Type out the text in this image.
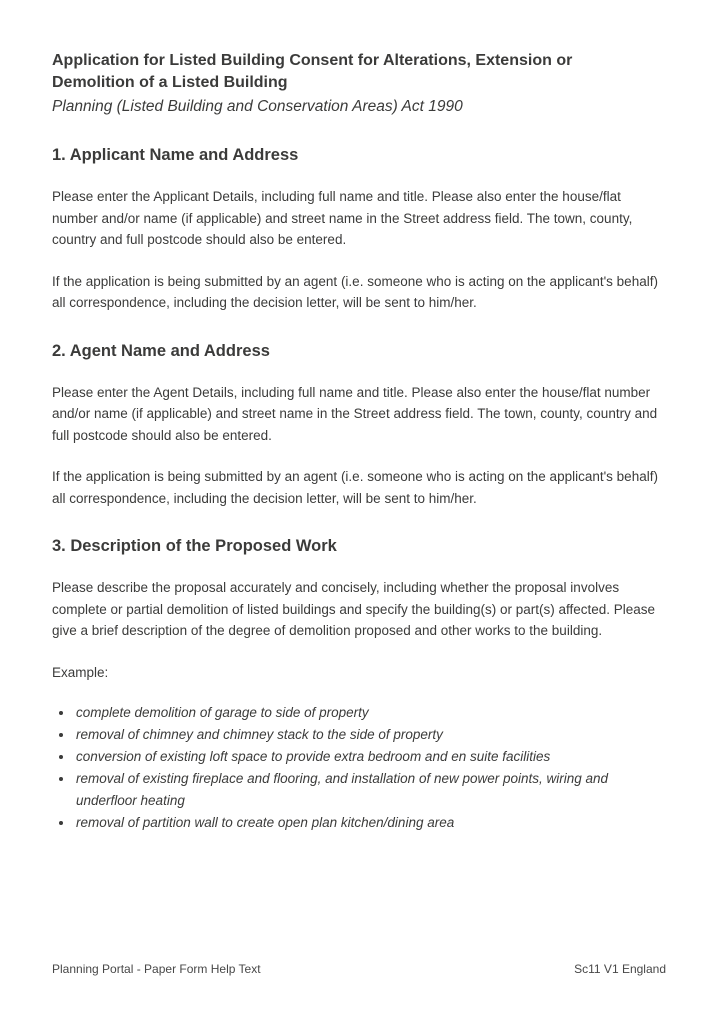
Application for Listed Building Consent for Alterations, Extension or Demolition of a Listed Building

Planning (Listed Building and Conservation Areas) Act 1990

1. Applicant Name and Address

Please enter the Applicant Details, including full name and title. Please also enter the house/flat number and/or name (if applicable) and street name in the Street address field. The town, county, country and full postcode should also be entered.

If the application is being submitted by an agent (i.e. someone who is acting on the applicant's behalf) all correspondence, including the decision letter, will be sent to him/her.

2. Agent Name and Address

Please enter the Agent Details, including full name and title. Please also enter the house/flat number and/or name (if applicable) and street name in the Street address field. The town, county, country and full postcode should also be entered.

If the application is being submitted by an agent (i.e. someone who is acting on the applicant's behalf) all correspondence, including the decision letter, will be sent to him/her.

3. Description of the Proposed Work

Please describe the proposal accurately and concisely, including whether the proposal involves complete or partial demolition of listed buildings and specify the building(s) or part(s) affected. Please give a brief description of the degree of demolition proposed and other works to the building.

Example:

complete demolition of garage to side of property
removal of chimney and chimney stack to the side of property
conversion of existing loft space to provide extra bedroom and en suite facilities
removal of existing fireplace and flooring, and installation of new power points, wiring and underfloor heating
removal of partition wall to create open plan kitchen/dining area
Planning Portal - Paper Form Help Text	Sc11 V1 England
